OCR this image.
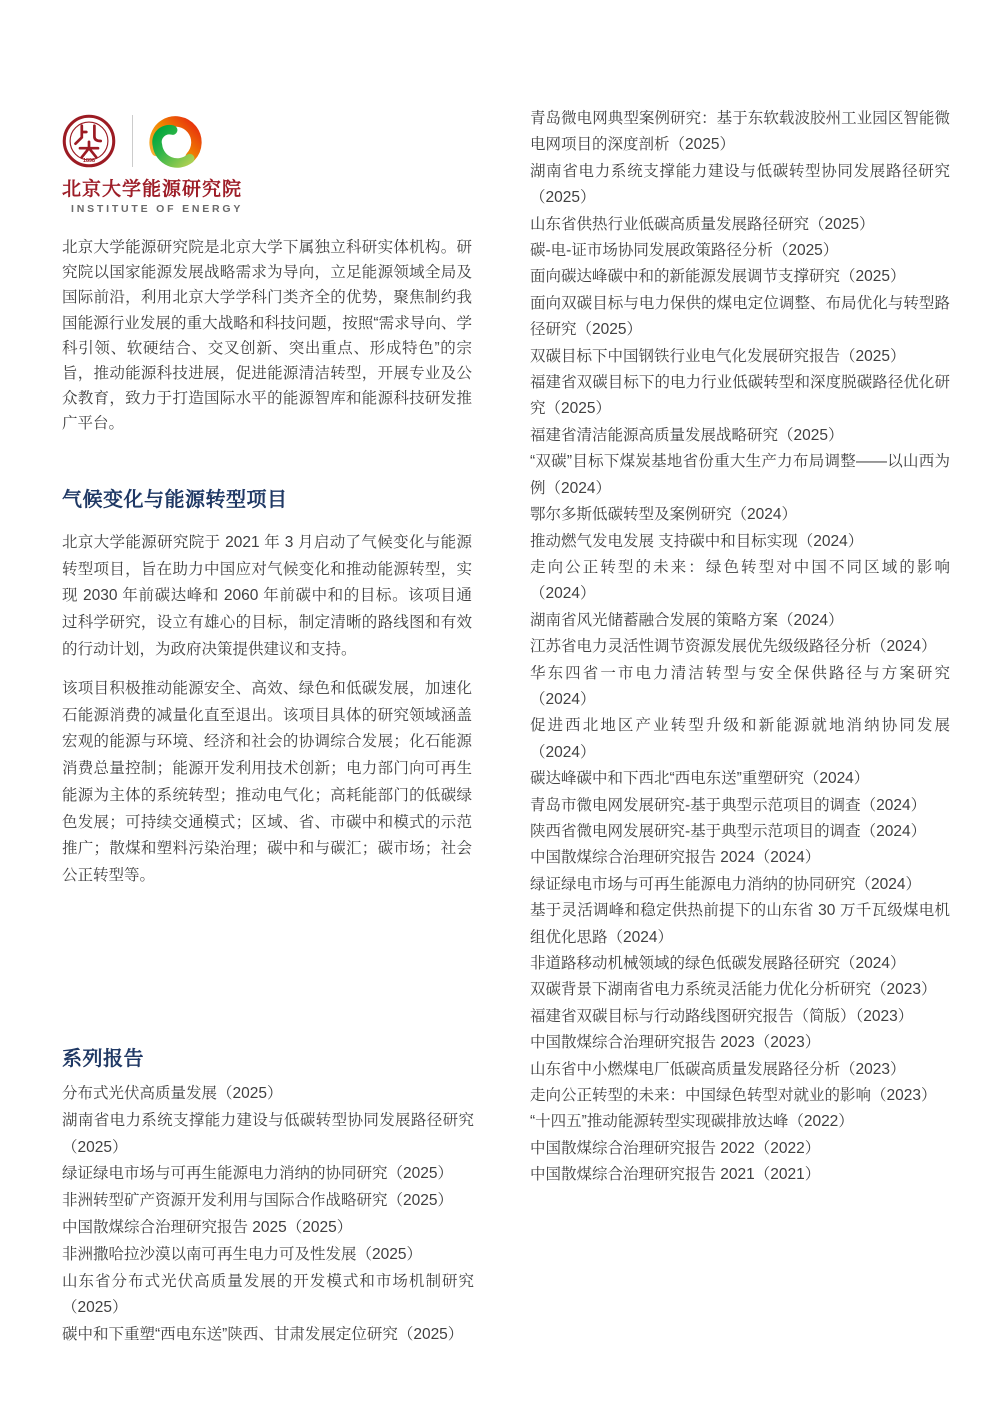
1898
北京大学能源研究院
INSTITUTE OF ENERGY

北京大学能源研究院是北京大学下属独立科研实体机构。研究院以国家能源发展战略需求为导向，立足能源领域全局及国际前沿，利用北京大学学科门类齐全的优势，聚焦制约我国能源行业发展的重大战略和科技问题，按照“需求导向、学科引领、软硬结合、交叉创新、突出重点、形成特色”的宗旨，推动能源科技进展，促进能源清洁转型，开展专业及公众教育，致力于打造国际水平的能源智库和能源科技研发推广平台。

气候变化与能源转型项目

北京大学能源研究院于 2021 年 3 月启动了气候变化与能源转型项目，旨在助力中国应对气候变化和推动能源转型，实现 2030 年前碳达峰和 2060 年前碳中和的目标。该项目通过科学研究，设立有雄心的目标，制定清晰的路线图和有效的行动计划，为政府决策提供建议和支持。

该项目积极推动能源安全、高效、绿色和低碳发展，加速化石能源消费的减量化直至退出。该项目具体的研究领域涵盖宏观的能源与环境、经济和社会的协调综合发展；化石能源消费总量控制；能源开发利用技术创新；电力部门向可再生能源为主体的系统转型；推动电气化；高耗能部门的低碳绿色发展；可持续交通模式；区域、省、市碳中和模式的示范推广；散煤和塑料污染治理；碳中和与碳汇；碳市场；社会公正转型等。

系列报告
分布式光伏高质量发展（2025）
湖南省电力系统支撑能力建设与低碳转型协同发展路径研究（2025）
绿证绿电市场与可再生能源电力消纳的协同研究（2025）
非洲转型矿产资源开发利用与国际合作战略研究（2025）
中国散煤综合治理研究报告 2025（2025）
非洲撒哈拉沙漠以南可再生电力可及性发展（2025）
山东省分布式光伏高质量发展的开发模式和市场机制研究（2025）
碳中和下重塑“西电东送”陕西、甘肃发展定位研究（2025）
青岛微电网典型案例研究：基于东软载波胶州工业园区智能微电网项目的深度剖析（2025）
湖南省电力系统支撑能力建设与低碳转型协同发展路径研究（2025）
山东省供热行业低碳高质量发展路径研究（2025）
碳-电-证市场协同发展政策路径分析（2025）
面向碳达峰碳中和的新能源发展调节支撑研究（2025）
面向双碳目标与电力保供的煤电定位调整、布局优化与转型路径研究（2025）
双碳目标下中国钢铁行业电气化发展研究报告（2025）
福建省双碳目标下的电力行业低碳转型和深度脱碳路径优化研究（2025）
福建省清洁能源高质量发展战略研究（2025）
“双碳”目标下煤炭基地省份重大生产力布局调整——以山西为例（2024）
鄂尔多斯低碳转型及案例研究（2024）
推动燃气发电发展 支持碳中和目标实现（2024）
走向公正转型的未来：绿色转型对中国不同区域的影响（2024）
湖南省风光储蓄融合发展的策略方案（2024）
江苏省电力灵活性调节资源发展优先级级路径分析（2024）
华东四省一市电力清洁转型与安全保供路径与方案研究（2024）
促进西北地区产业转型升级和新能源就地消纳协同发展（2024）
碳达峰碳中和下西北“西电东送”重塑研究（2024）
青岛市微电网发展研究-基于典型示范项目的调查（2024）
陕西省微电网发展研究-基于典型示范项目的调查（2024）
中国散煤综合治理研究报告 2024（2024）
绿证绿电市场与可再生能源电力消纳的协同研究（2024）
基于灵活调峰和稳定供热前提下的山东省 30 万千瓦级煤电机组优化思路（2024）
非道路移动机械领域的绿色低碳发展路径研究（2024）
双碳背景下湖南省电力系统灵活能力优化分析研究（2023）
福建省双碳目标与行动路线图研究报告（简版）（2023）
中国散煤综合治理研究报告 2023（2023）
山东省中小燃煤电厂低碳高质量发展路径分析（2023）
走向公正转型的未来：中国绿色转型对就业的影响（2023）
“十四五”推动能源转型实现碳排放达峰（2022）
中国散煤综合治理研究报告 2022（2022）
中国散煤综合治理研究报告 2021（2021）
